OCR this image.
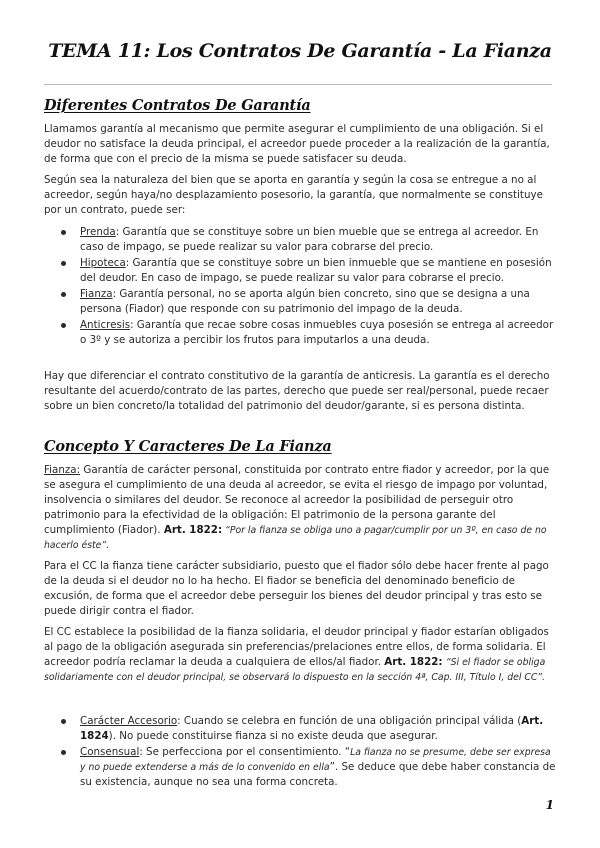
TEMA 11: Los Contratos De Garantía - La Fianza
Diferentes Contratos De Garantía

Llamamos garantía al mecanismo que permite asegurar el cumplimiento de una obligación. Si el deudor no satisface la deuda principal, el acreedor puede proceder a la realización de la garantía, de forma que con el precio de la misma se puede satisfacer su deuda.

Según sea la naturaleza del bien que se aporta en garantía y según la cosa se entregue a no al acreedor, según haya/no desplazamiento posesorio, la garantía, que normalmente se constituye por un contrato, puede ser:

Prenda: Garantía que se constituye sobre un bien mueble que se entrega al acreedor. En caso de impago, se puede realizar su valor para cobrarse del precio.
Hipoteca: Garantía que se constituye sobre un bien inmueble que se mantiene en posesión del deudor. En caso de impago, se puede realizar su valor para cobrarse el precio.
Fianza: Garantía personal, no se aporta algún bien concreto, sino que se designa a una persona (Fiador) que responde con su patrimonio del impago de la deuda.
Anticresis: Garantía que recae sobre cosas inmuebles cuya posesión se entrega al acreedor o 3º y se autoriza a percibir los frutos para imputarlos a una deuda.

Hay que diferenciar el contrato constitutivo de la garantía de anticresis. La garantía es el derecho resultante del acuerdo/contrato de las partes, derecho que puede ser real/personal, puede recaer sobre un bien concreto/la totalidad del patrimonio del deudor/garante, si es persona distinta.

Concepto Y Caracteres De La Fianza

Fianza: Garantía de carácter personal, constituida por contrato entre fiador y acreedor, por la que se asegura el cumplimiento de una deuda al acreedor, se evita el riesgo de impago por voluntad, insolvencia o similares del deudor. Se reconoce al acreedor la posibilidad de perseguir otro patrimonio para la efectividad de la obligación: El patrimonio de la persona garante del cumplimiento (Fiador). Art. 1822: “Por la fianza se obliga uno a pagar/cumplir por un 3º, en caso de no hacerlo éste”.

Para el CC la fianza tiene carácter subsidiario, puesto que el fiador sólo debe hacer frente al pago de la deuda si el deudor no lo ha hecho. El fiador se beneficia del denominado beneficio de excusión, de forma que el acreedor debe perseguir los bienes del deudor principal y tras esto se puede dirigir contra el fiador.

El CC establece la posibilidad de la fianza solidaria, el deudor principal y fiador estarían obligados al pago de la obligación asegurada sin preferencias/prelaciones entre ellos, de forma solidaria. El acreedor podría reclamar la deuda a cualquiera de ellos/al fiador. Art. 1822: “Si el fiador se obliga solidariamente con el deudor principal, se observará lo dispuesto en la sección 4ª, Cap. III, Título I, del CC”.

Carácter Accesorio: Cuando se celebra en función de una obligación principal válida (Art. 1824). No puede constituirse fianza si no existe deuda que asegurar.
Consensual: Se perfecciona por el consentimiento. “La fianza no se presume, debe ser expresa y no puede extenderse a más de lo convenido en ella”. Se deduce que debe haber constancia de su existencia, aunque no sea una forma concreta.
1
